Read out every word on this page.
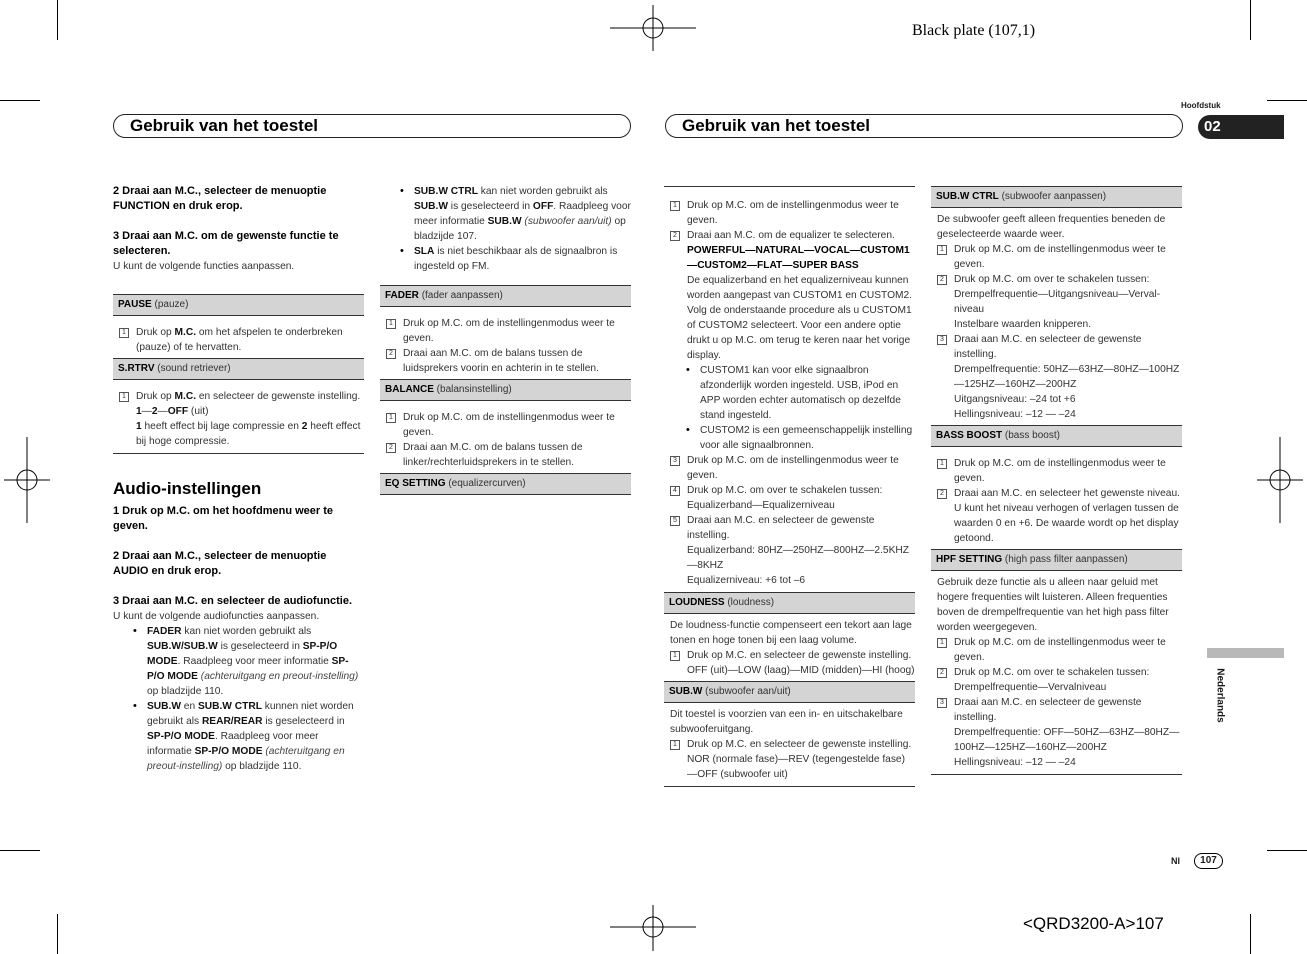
Black plate (107,1)
<QRD3200-A>107
Gebruik van het toestel	Gebruik van het toestel
Hoofdstuk
02
Nederlands
Nl	107

2 Draai aan M.C., selecteer de menuoptie FUNCTION en druk erop.

3 Draai aan M.C. om de gewenste functie te selecteren.

U kunt de volgende functies aanpassen.

PAUSE (pauze)

1 Druk op M.C. om het afspelen te onderbreken (pauze) of te hervatten.

S.RTRV (sound retriever)

1 Druk op M.C. en selecteer de gewenste instelling.

1—2—OFF (uit)

1 heeft effect bij lage compressie en 2 heeft effect bij hoge compressie.

Audio-instellingen

1 Druk op M.C. om het hoofdmenu weer te geven.

2 Draai aan M.C., selecteer de menuoptie AUDIO en druk erop.

3 Draai aan M.C. en selecteer de audiofunctie.

U kunt de volgende audiofuncties aanpassen.

• FADER kan niet worden gebruikt als SUB.W/SUB.W is geselecteerd in SP-P/O MODE. Raadpleeg voor meer informatie SP-P/O MODE (achteruitgang en preout-instelling) op bladzijde 110.

• SUB.W en SUB.W CTRL kunnen niet worden gebruikt als REAR/REAR is geselecteerd in SP-P/O MODE. Raadpleeg voor meer informatie SP-P/O MODE (achteruitgang en preout-instelling) op bladzijde 110.

• SUB.W CTRL kan niet worden gebruikt als SUB.W is geselecteerd in OFF. Raadpleeg voor meer informatie SUB.W (subwoofer aan/uit) op bladzijde 107.

• SLA is niet beschikbaar als de signaalbron is ingesteld op FM.

FADER (fader aanpassen)

1 Druk op M.C. om de instellingenmodus weer te geven.

2 Draai aan M.C. om de balans tussen de luidsprekers voorin en achterin in te stellen.

BALANCE (balansinstelling)

1 Druk op M.C. om de instellingenmodus weer te geven.

2 Draai aan M.C. om de balans tussen de linker/rechterluidsprekers in te stellen.

EQ SETTING (equalizercurven)

1 Druk op M.C. om de instellingenmodus weer te geven.

2 Draai aan M.C. om de equalizer te selecteren.

POWERFUL—NATURAL—VOCAL—CUSTOM1—CUSTOM2—FLAT—SUPER BASS

De equalizerband en het equalizerniveau kunnen worden aangepast van CUSTOM1 en CUSTOM2.

Volg de onderstaande procedure als u CUSTOM1 of CUSTOM2 selecteert. Voor een andere optie drukt u op M.C. om terug te keren naar het vorige display.

• CUSTOM1 kan voor elke signaalbron afzonderlijk worden ingesteld. USB, iPod en APP worden echter automatisch op dezelfde stand ingesteld.

• CUSTOM2 is een gemeenschappelijk instelling voor alle signaalbronnen.

3 Druk op M.C. om de instellingenmodus weer te geven.

4 Druk op M.C. om over te schakelen tussen:

Equalizerband—Equalizerniveau

5 Draai aan M.C. en selecteer de gewenste instelling.

Equalizerband: 80HZ—250HZ—800HZ—2.5KHZ—8KHZ

Equalizerniveau: +6 tot –6

LOUDNESS (loudness)

De loudness-functie compenseert een tekort aan lage tonen en hoge tonen bij een laag volume.

1 Druk op M.C. en selecteer de gewenste instelling.

OFF (uit)—LOW (laag)—MID (midden)—HI (hoog)

SUB.W (subwoofer aan/uit)

Dit toestel is voorzien van een in- en uitschakelbare subwooferuitgang.

1 Druk op M.C. en selecteer de gewenste instelling.

NOR (normale fase)—REV (tegengestelde fase)—OFF (subwoofer uit)

SUB.W CTRL (subwoofer aanpassen)

De subwoofer geeft alleen frequenties beneden de geselecteerde waarde weer.

1 Druk op M.C. om de instellingenmodus weer te geven.

2 Druk op M.C. om over te schakelen tussen:

Drempelfrequentie—Uitgangsniveau—Verval-niveau

Instelbare waarden knipperen.

3 Draai aan M.C. en selecteer de gewenste instelling.

Drempelfrequentie: 50HZ—63HZ—80HZ—100HZ—125HZ—160HZ—200HZ

Uitgangsniveau: –24 tot +6

Hellingsniveau: –12 — –24

BASS BOOST (bass boost)

1 Druk op M.C. om de instellingenmodus weer te geven.

2 Draai aan M.C. en selecteer het gewenste niveau.

U kunt het niveau verhogen of verlagen tussen de waarden 0 en +6. De waarde wordt op het display getoond.

HPF SETTING (high pass filter aanpassen)

Gebruik deze functie als u alleen naar geluid met hogere frequenties wilt luisteren. Alleen frequenties boven de drempelfrequentie van het high pass filter worden weergegeven.

1 Druk op M.C. om de instellingenmodus weer te geven.

2 Druk op M.C. om over te schakelen tussen:

Drempelfrequentie—Vervalniveau

3 Draai aan M.C. en selecteer de gewenste instelling.

Drempelfrequentie: OFF—50HZ—63HZ—80HZ—100HZ—125HZ—160HZ—200HZ

Hellingsniveau: –12 — –24
